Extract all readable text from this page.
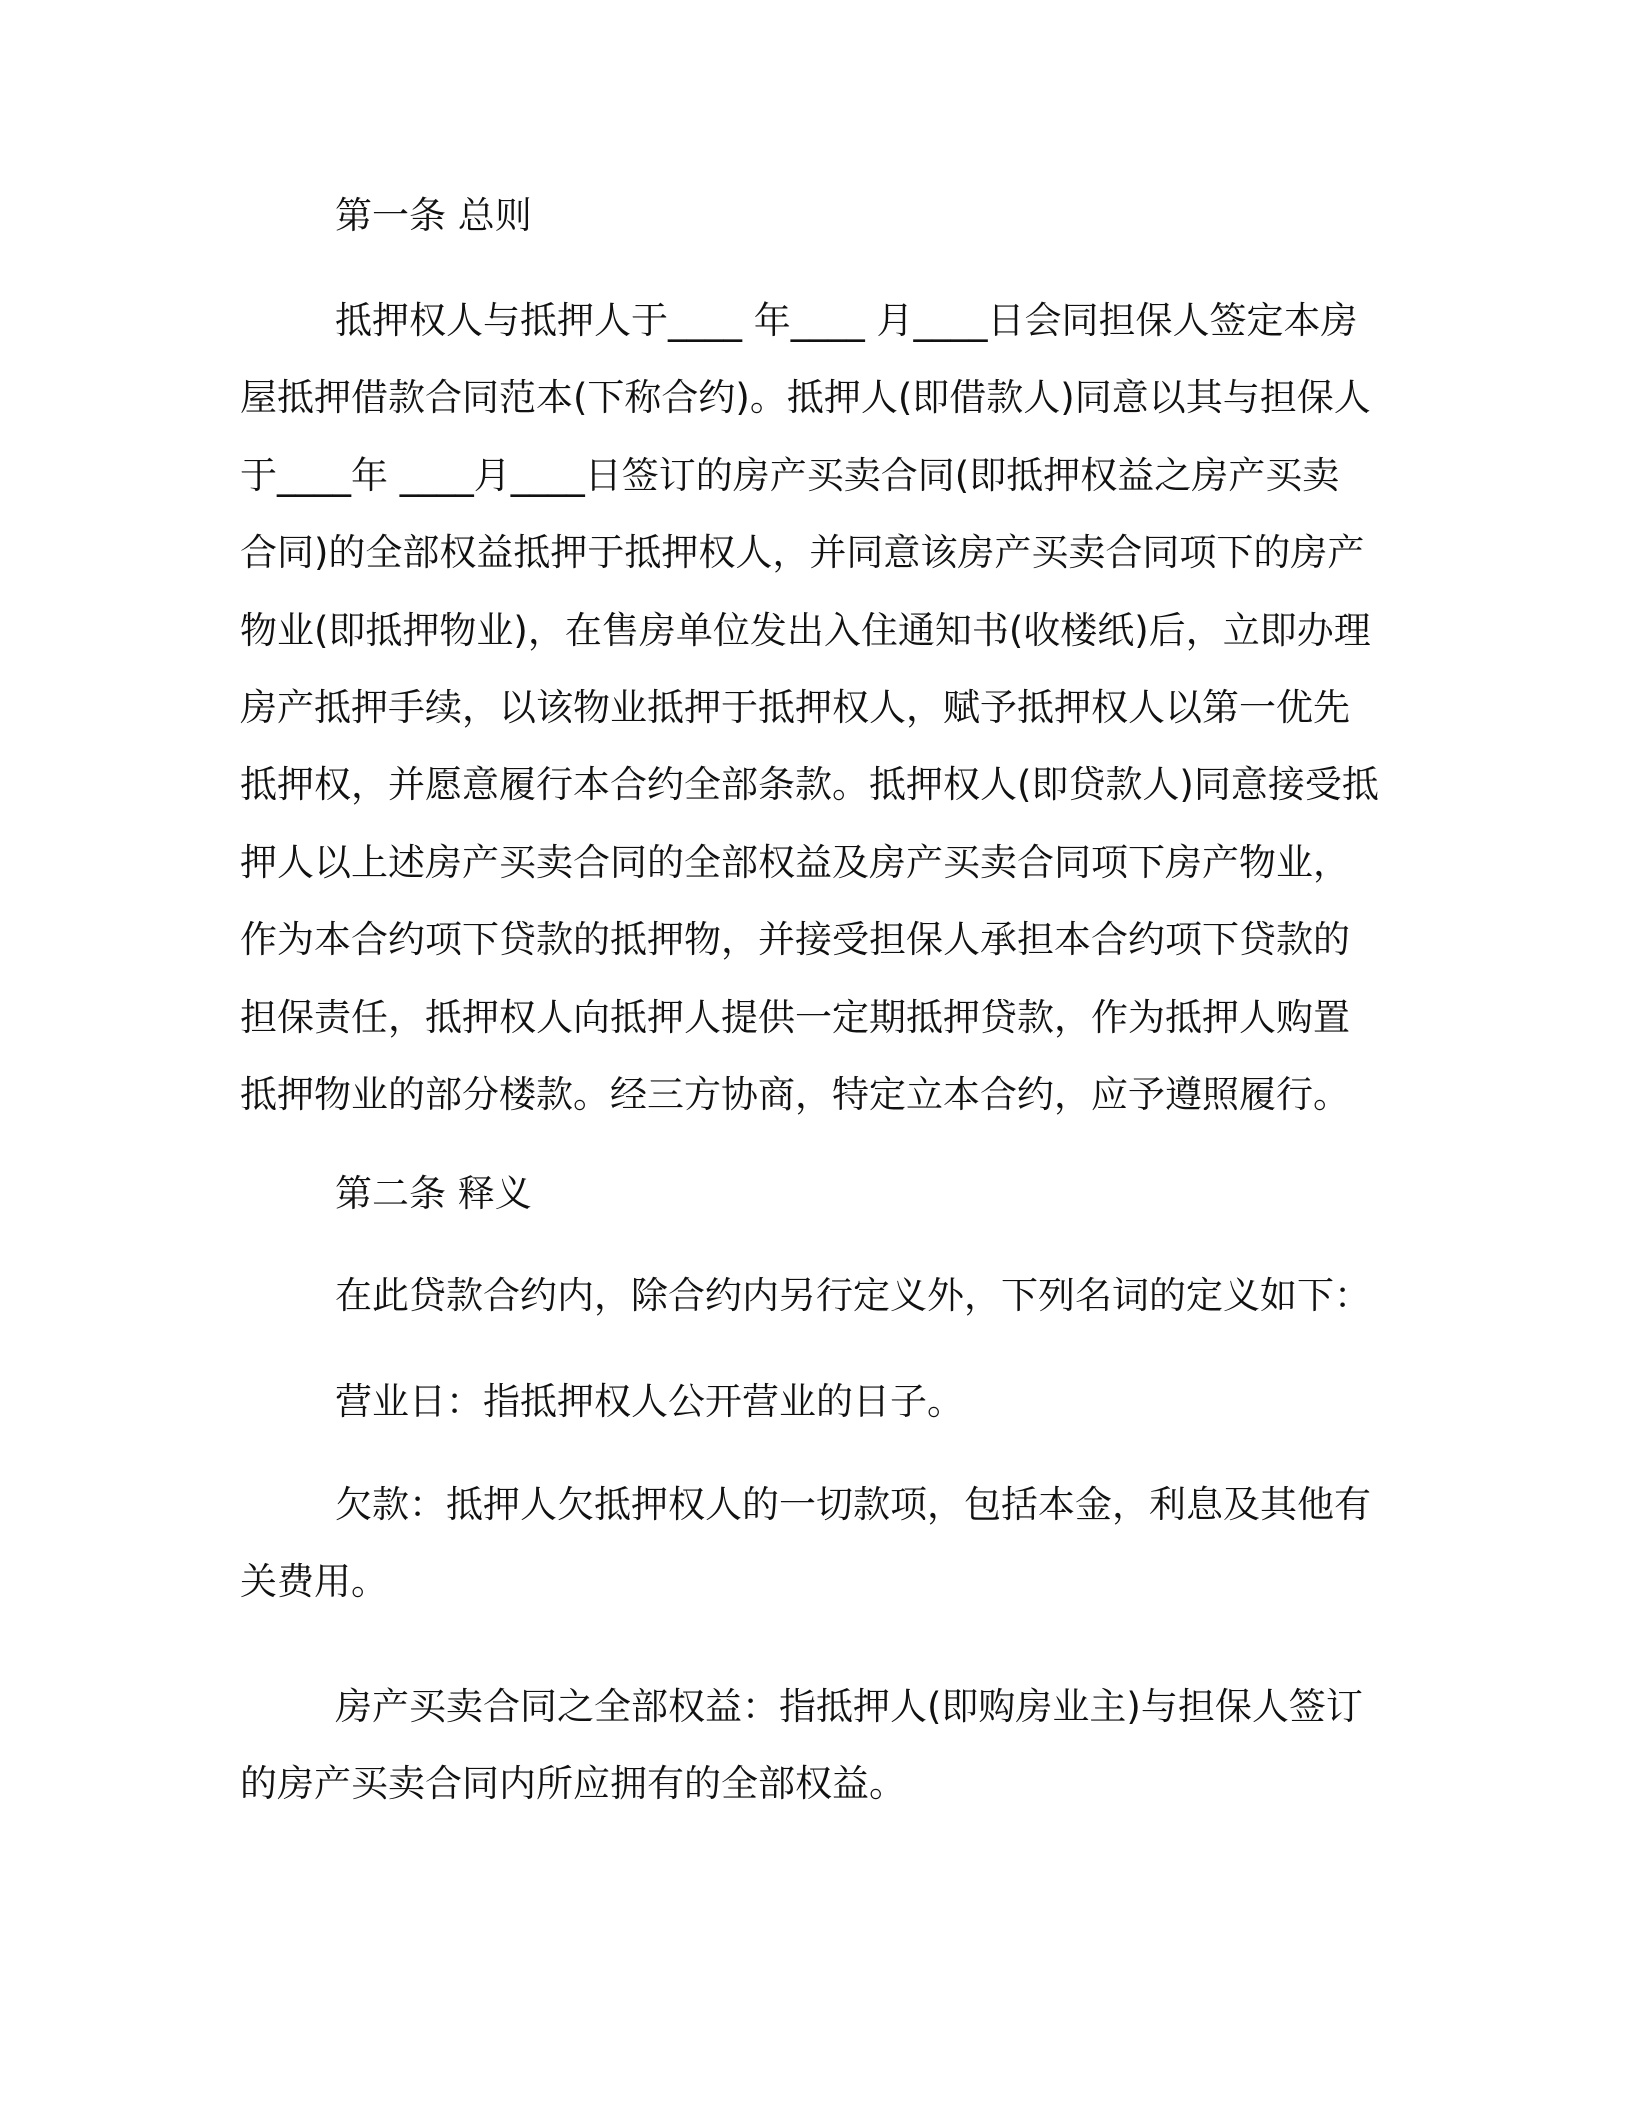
第一条 总则
抵押权人与抵押人于____ 年____ 月____日会同担保人签定本房
屋抵押借款合同范本(下称合约)。抵押人(即借款人)同意以其与担保人
于____年 ____月____日签订的房产买卖合同(即抵押权益之房产买卖
合同)的全部权益抵押于抵押权人，并同意该房产买卖合同项下的房产
物业(即抵押物业)，在售房单位发出入住通知书(收楼纸)后，立即办理
房产抵押手续，以该物业抵押于抵押权人，赋予抵押权人以第一优先
抵押权，并愿意履行本合约全部条款。抵押权人(即贷款人)同意接受抵
押人以上述房产买卖合同的全部权益及房产买卖合同项下房产物业，
作为本合约项下贷款的抵押物，并接受担保人承担本合约项下贷款的
担保责任，抵押权人向抵押人提供一定期抵押贷款，作为抵押人购置
抵押物业的部分楼款。经三方协商，特定立本合约，应予遵照履行。
第二条 释义
在此贷款合约内，除合约内另行定义外，下列名词的定义如下：
营业日：指抵押权人公开营业的日子。
欠款：抵押人欠抵押权人的一切款项，包括本金，利息及其他有
关费用。
房产买卖合同之全部权益：指抵押人(即购房业主)与担保人签订
的房产买卖合同内所应拥有的全部权益。
